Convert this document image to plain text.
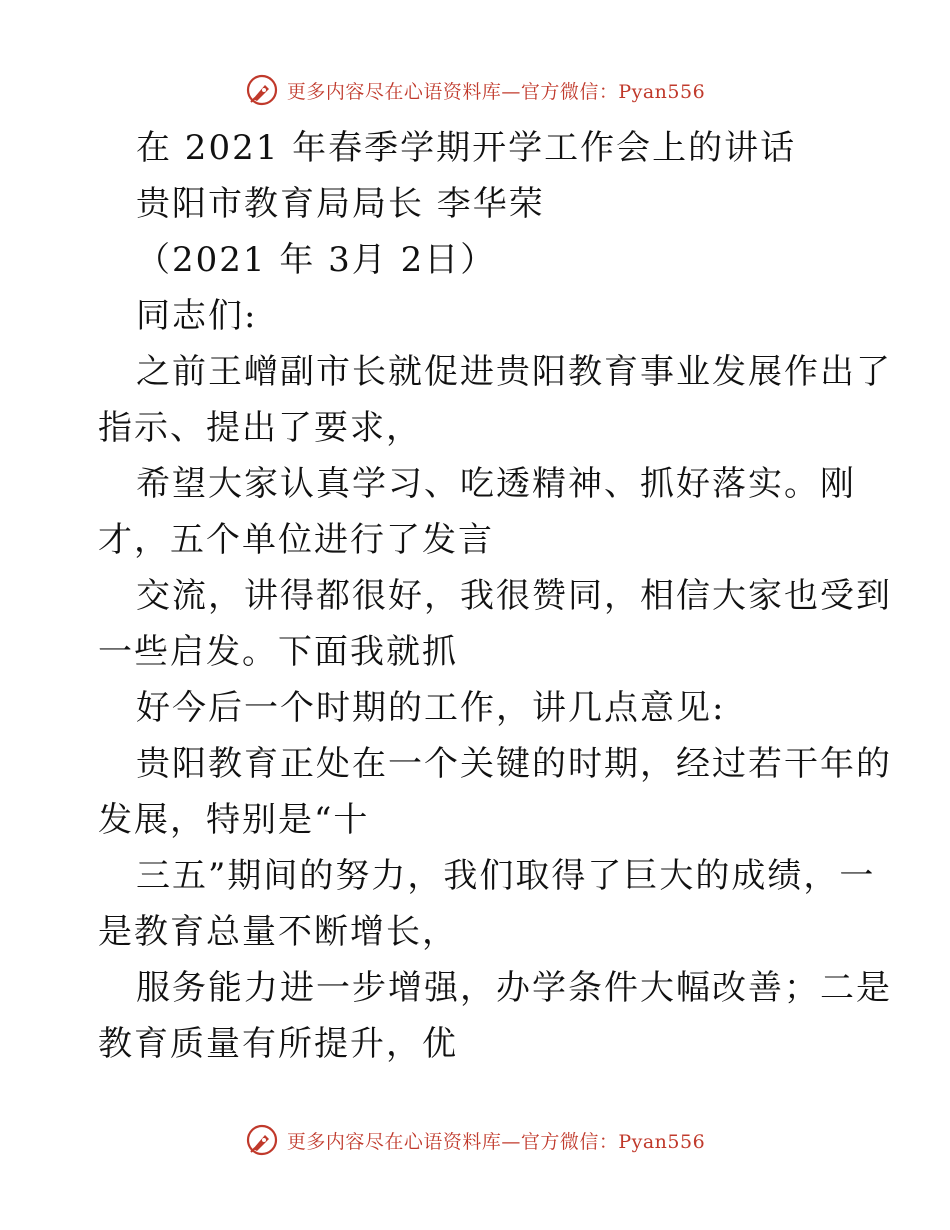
更多内容尽在心语资料库—官方微信：Pyan556

在 2021 年春季学期开学工作会上的讲话

贵阳市教育局局长 李华荣

（2021 年 3月 2日）

同志们:

之前王嶒副市长就促进贵阳教育事业发展作出了

指示、提出了要求，

希望大家认真学习、吃透精神、抓好落实。刚

才，五个单位进行了发言

交流，讲得都很好，我很赞同，相信大家也受到

一些启发。下面我就抓

好今后一个时期的工作，讲几点意见:

贵阳教育正处在一个关键的时期，经过若干年的

发展，特别是“十

三五”期间的努力，我们取得了巨大的成绩，一

是教育总量不断增长，

服务能力进一步增强，办学条件大幅改善；二是

教育质量有所提升，优

更多内容尽在心语资料库—官方微信：Pyan556
